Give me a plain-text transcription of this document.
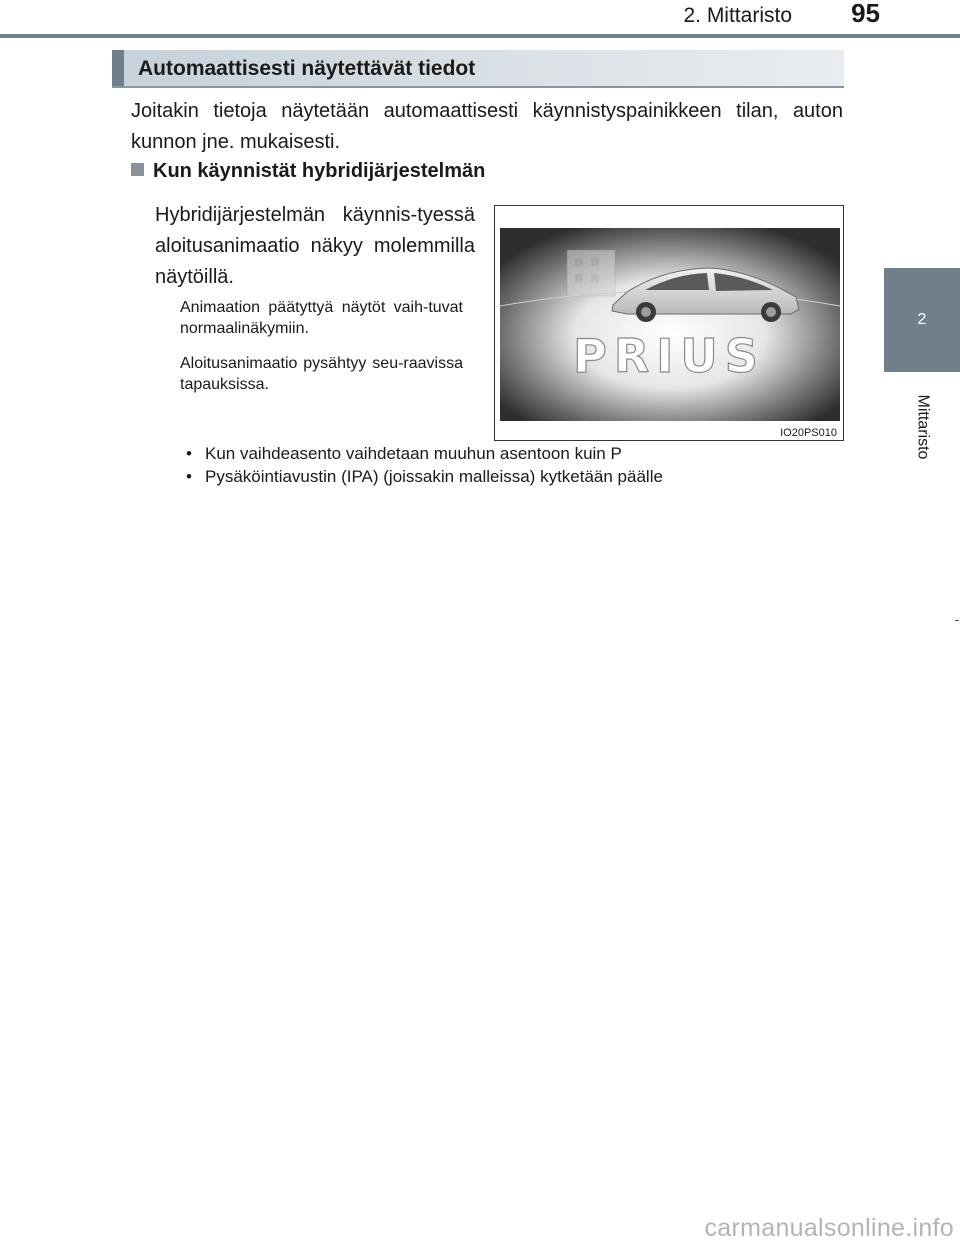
2. Mittaristo	95
2
Mittaristo
Automaattisesti näytettävät tiedot

Joitakin tietoja näytetään automaattisesti käynnistyspainikkeen tilan, auton kunnon jne. mukaisesti.

Kun käynnistät hybridijärjestelmän

Hybridijärjestelmän käynnis-tyessä aloitusanimaatio näkyy molemmilla näytöillä.

Animaation päätyttyä näytöt vaih-tuvat normaalinäkymiin.

Aloitusanimaatio pysähtyy seu-raavissa tapauksissa.

PRIUS
IO20PS010
• Kun vaihdeasento vaihdetaan muuhun asentoon kuin P
• Pysäköintiavustin (IPA) (joissakin malleissa) kytketään päälle
carmanualsonline.info
